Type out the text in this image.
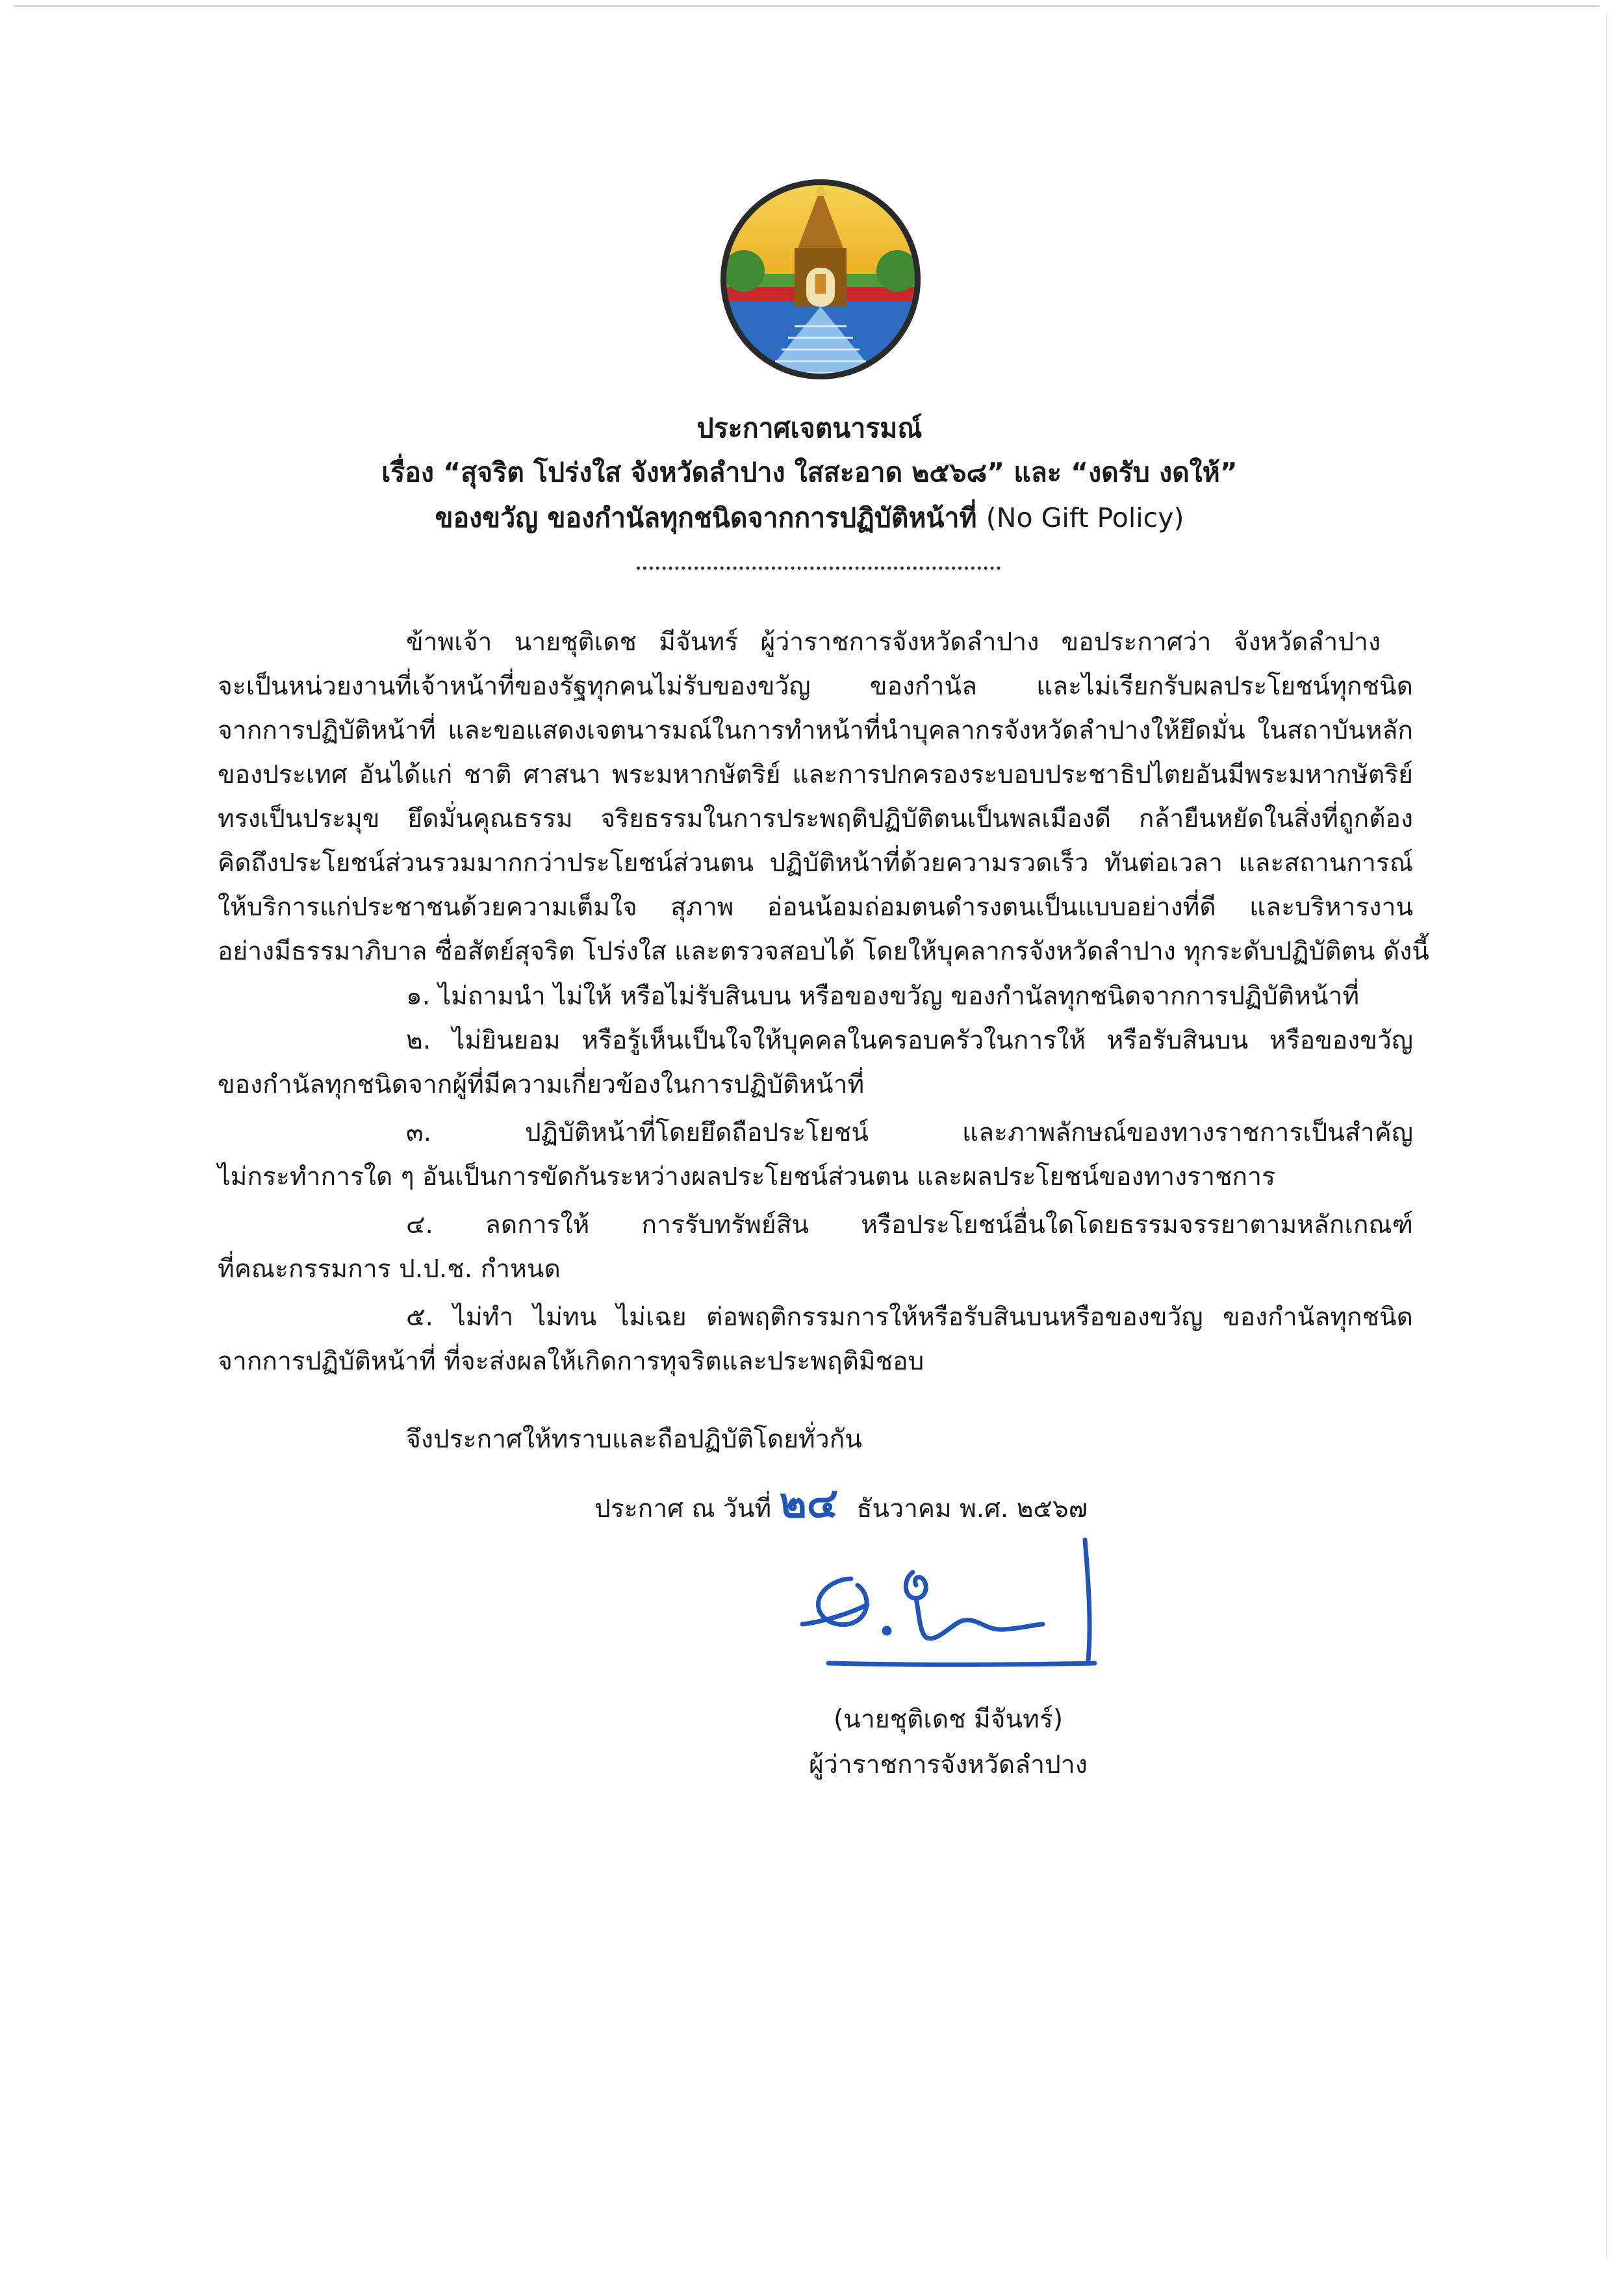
ประกาศเจตนารมณ์
เรื่อง “สุจริต โปร่งใส จังหวัดลำปาง ใสสะอาด ๒๕๖๘” และ “งดรับ งดให้”
ของขวัญ ของกำนัลทุกชนิดจากการปฏิบัติหน้าที่ (No Gift Policy)
ข้าพเจ้า นายชุติเดช มีจันทร์ ผู้ว่าราชการจังหวัดลำปาง ขอประกาศว่า จังหวัดลำปาง
จะเป็นหน่วยงานที่เจ้าหน้าที่ของรัฐทุกคนไม่รับของขวัญ ของกำนัล และไม่เรียกรับผลประโยชน์ทุกชนิด
จากการปฏิบัติหน้าที่ และขอแสดงเจตนารมณ์ในการทำหน้าที่นำบุคลากรจังหวัดลำปางให้ยึดมั่น ในสถาบันหลัก
ของประเทศ อันได้แก่ ชาติ ศาสนา พระมหากษัตริย์ และการปกครองระบอบประชาธิปไตยอันมีพระมหากษัตริย์
ทรงเป็นประมุข ยึดมั่นคุณธรรม จริยธรรมในการประพฤติปฏิบัติตนเป็นพลเมืองดี กล้ายืนหยัดในสิ่งที่ถูกต้อง
คิดถึงประโยชน์ส่วนรวมมากกว่าประโยชน์ส่วนตน ปฏิบัติหน้าที่ด้วยความรวดเร็ว ทันต่อเวลา และสถานการณ์
ให้บริการแก่ประชาชนด้วยความเต็มใจ สุภาพ อ่อนน้อมถ่อมตนดำรงตนเป็นแบบอย่างที่ดี และบริหารงาน
อย่างมีธรรมาภิบาล ซื่อสัตย์สุจริต โปร่งใส และตรวจสอบได้ โดยให้บุคลากรจังหวัดลำปาง ทุกระดับปฏิบัติตน ดังนี้
๑. ไม่ถามนำ ไม่ให้ หรือไม่รับสินบน หรือของขวัญ ของกำนัลทุกชนิดจากการปฏิบัติหน้าที่
๒. ไม่ยินยอม หรือรู้เห็นเป็นใจให้บุคคลในครอบครัวในการให้ หรือรับสินบน หรือของขวัญ
ของกำนัลทุกชนิดจากผู้ที่มีความเกี่ยวข้องในการปฏิบัติหน้าที่
๓. ปฏิบัติหน้าที่โดยยึดถือประโยชน์ และภาพลักษณ์ของทางราชการเป็นสำคัญ
ไม่กระทำการใด ๆ อันเป็นการขัดกันระหว่างผลประโยชน์ส่วนตน และผลประโยชน์ของทางราชการ
๔. ลดการให้ การรับทรัพย์สิน หรือประโยชน์อื่นใดโดยธรรมจรรยาตามหลักเกณฑ์
ที่คณะกรรมการ ป.ป.ช. กำหนด
๕. ไม่ทำ ไม่ทน ไม่เฉย ต่อพฤติกรรมการให้หรือรับสินบนหรือของขวัญ ของกำนัลทุกชนิด
จากการปฏิบัติหน้าที่ ที่จะส่งผลให้เกิดการทุจริตและประพฤติมิชอบ
จึงประกาศให้ทราบและถือปฏิบัติโดยทั่วกัน
ประกาศ ณ วันที่ ๒๔ ธันวาคม พ.ศ. ๒๕๖๗
(นายชุติเดช มีจันทร์)
ผู้ว่าราชการจังหวัดลำปาง
